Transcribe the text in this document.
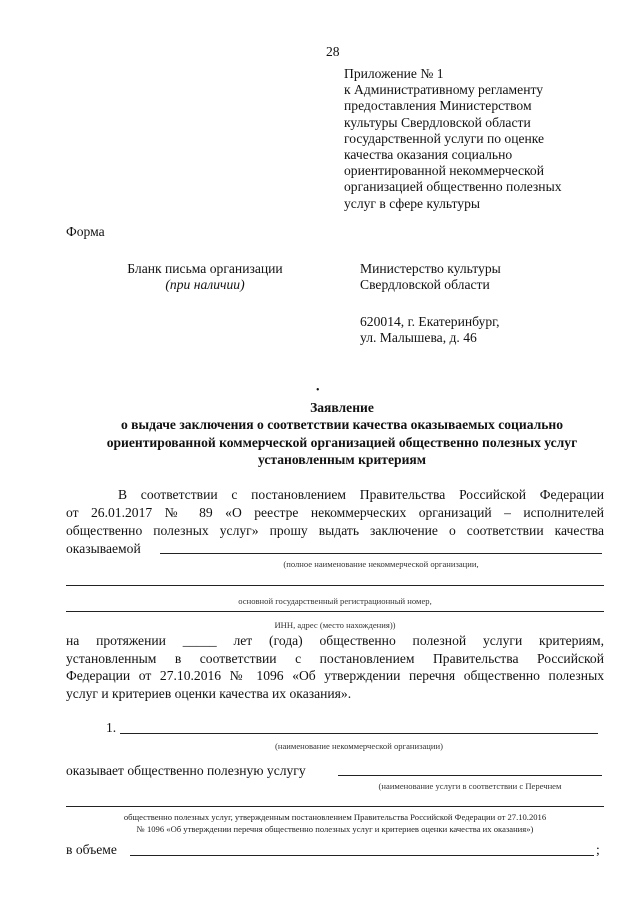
28
Приложение № 1
к Административному регламенту
предоставления Министерством
культуры Свердловской области
государственной услуги по оценке
качества оказания социально
ориентированной некоммерческой
организацией общественно полезных
услуг в сфере культуры
Форма
Бланк письма организации
(при наличии)
Министерство культуры
Свердловской области
620014, г. Екатеринбург,
ул. Малышева, д. 46
•
Заявление
о выдаче заключения о соответствии качества оказываемых социально
ориентированной коммерческой организацией общественно полезных услуг
установленным критериям
В соответствии с постановлением Правительства Российской Федерации
от 26.01.2017 № 89 «О реестре некоммерческих организаций – исполнителей
общественно полезных услуг» прошу выдать заключение о соответствии качества
оказываемой
(полное наименование некоммерческой организации,
основной государственный регистрационный номер,
ИНН, адрес (место нахождения))
на протяжении _____ лет (года) общественно полезной услуги критериям,
установленным в соответствии с постановлением Правительства Российской
Федерации от 27.10.2016 № 1096 «Об утверждении перечня общественно полезных
услуг и критериев оценки качества их оказания».
1.
(наименование некоммерческой организации)
оказывает общественно полезную услугу
(наименование услуги в соответствии с Перечнем
общественно полезных услуг, утвержденным постановлением Правительства Российской Федерации от 27.10.2016
№ 1096 «Об утверждении перечня общественно полезных услуг и критериев оценки качества их оказания»)
в объеме	;
